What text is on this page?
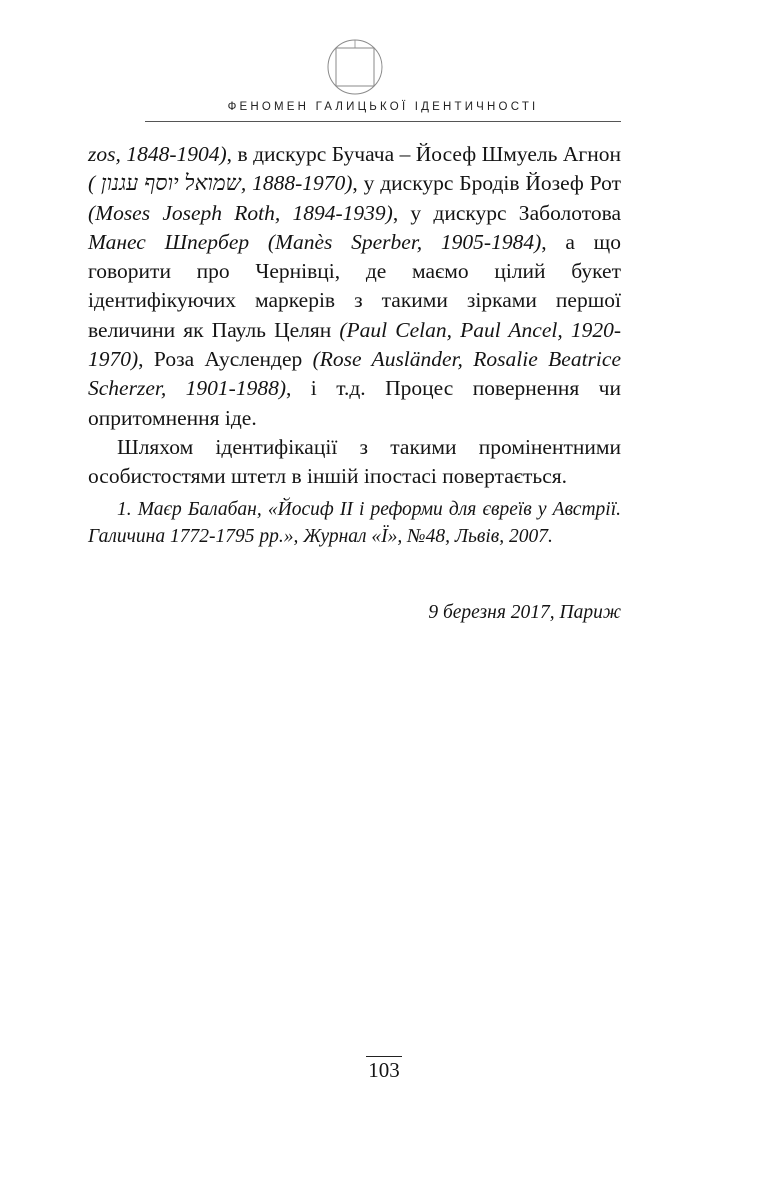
ФЕНОМЕН ГАЛИЦЬКОЇ ІДЕНТИЧНОСТІ

zos, 1848-1904), в дискурс Бучача – Йосеф Шмуель Агнон ( שמואל יוסף עגנון, 1888-1970), у дискурс Бродів Йозеф Рот (Moses Joseph Roth, 1894-1939), у дискурс Заболотова Манес Шпербер (Manès Sperber, 1905-1984), а що говорити про Чернівці, де маємо цілий букет ідентифікуючих маркерів з такими зірками першої величини як Пауль Целян (Paul Celan, Paul Ancel, 1920-1970), Роза Ауслендер (Rose Ausländer, Rosalie Beatrice Scherzer, 1901-1988), і т.д. Процес повернення чи опритомнення іде.

Шляхом ідентифікації з такими промінентними особистостями штетл в іншій іпостасі повертається.

1. Маєр Балабан, «Йосиф II і реформи для євреїв у Австрії. Галичина 1772-1795 рр.», Журнал «Ї», №48, Львів, 2007.
9 березня 2017, Париж
103
